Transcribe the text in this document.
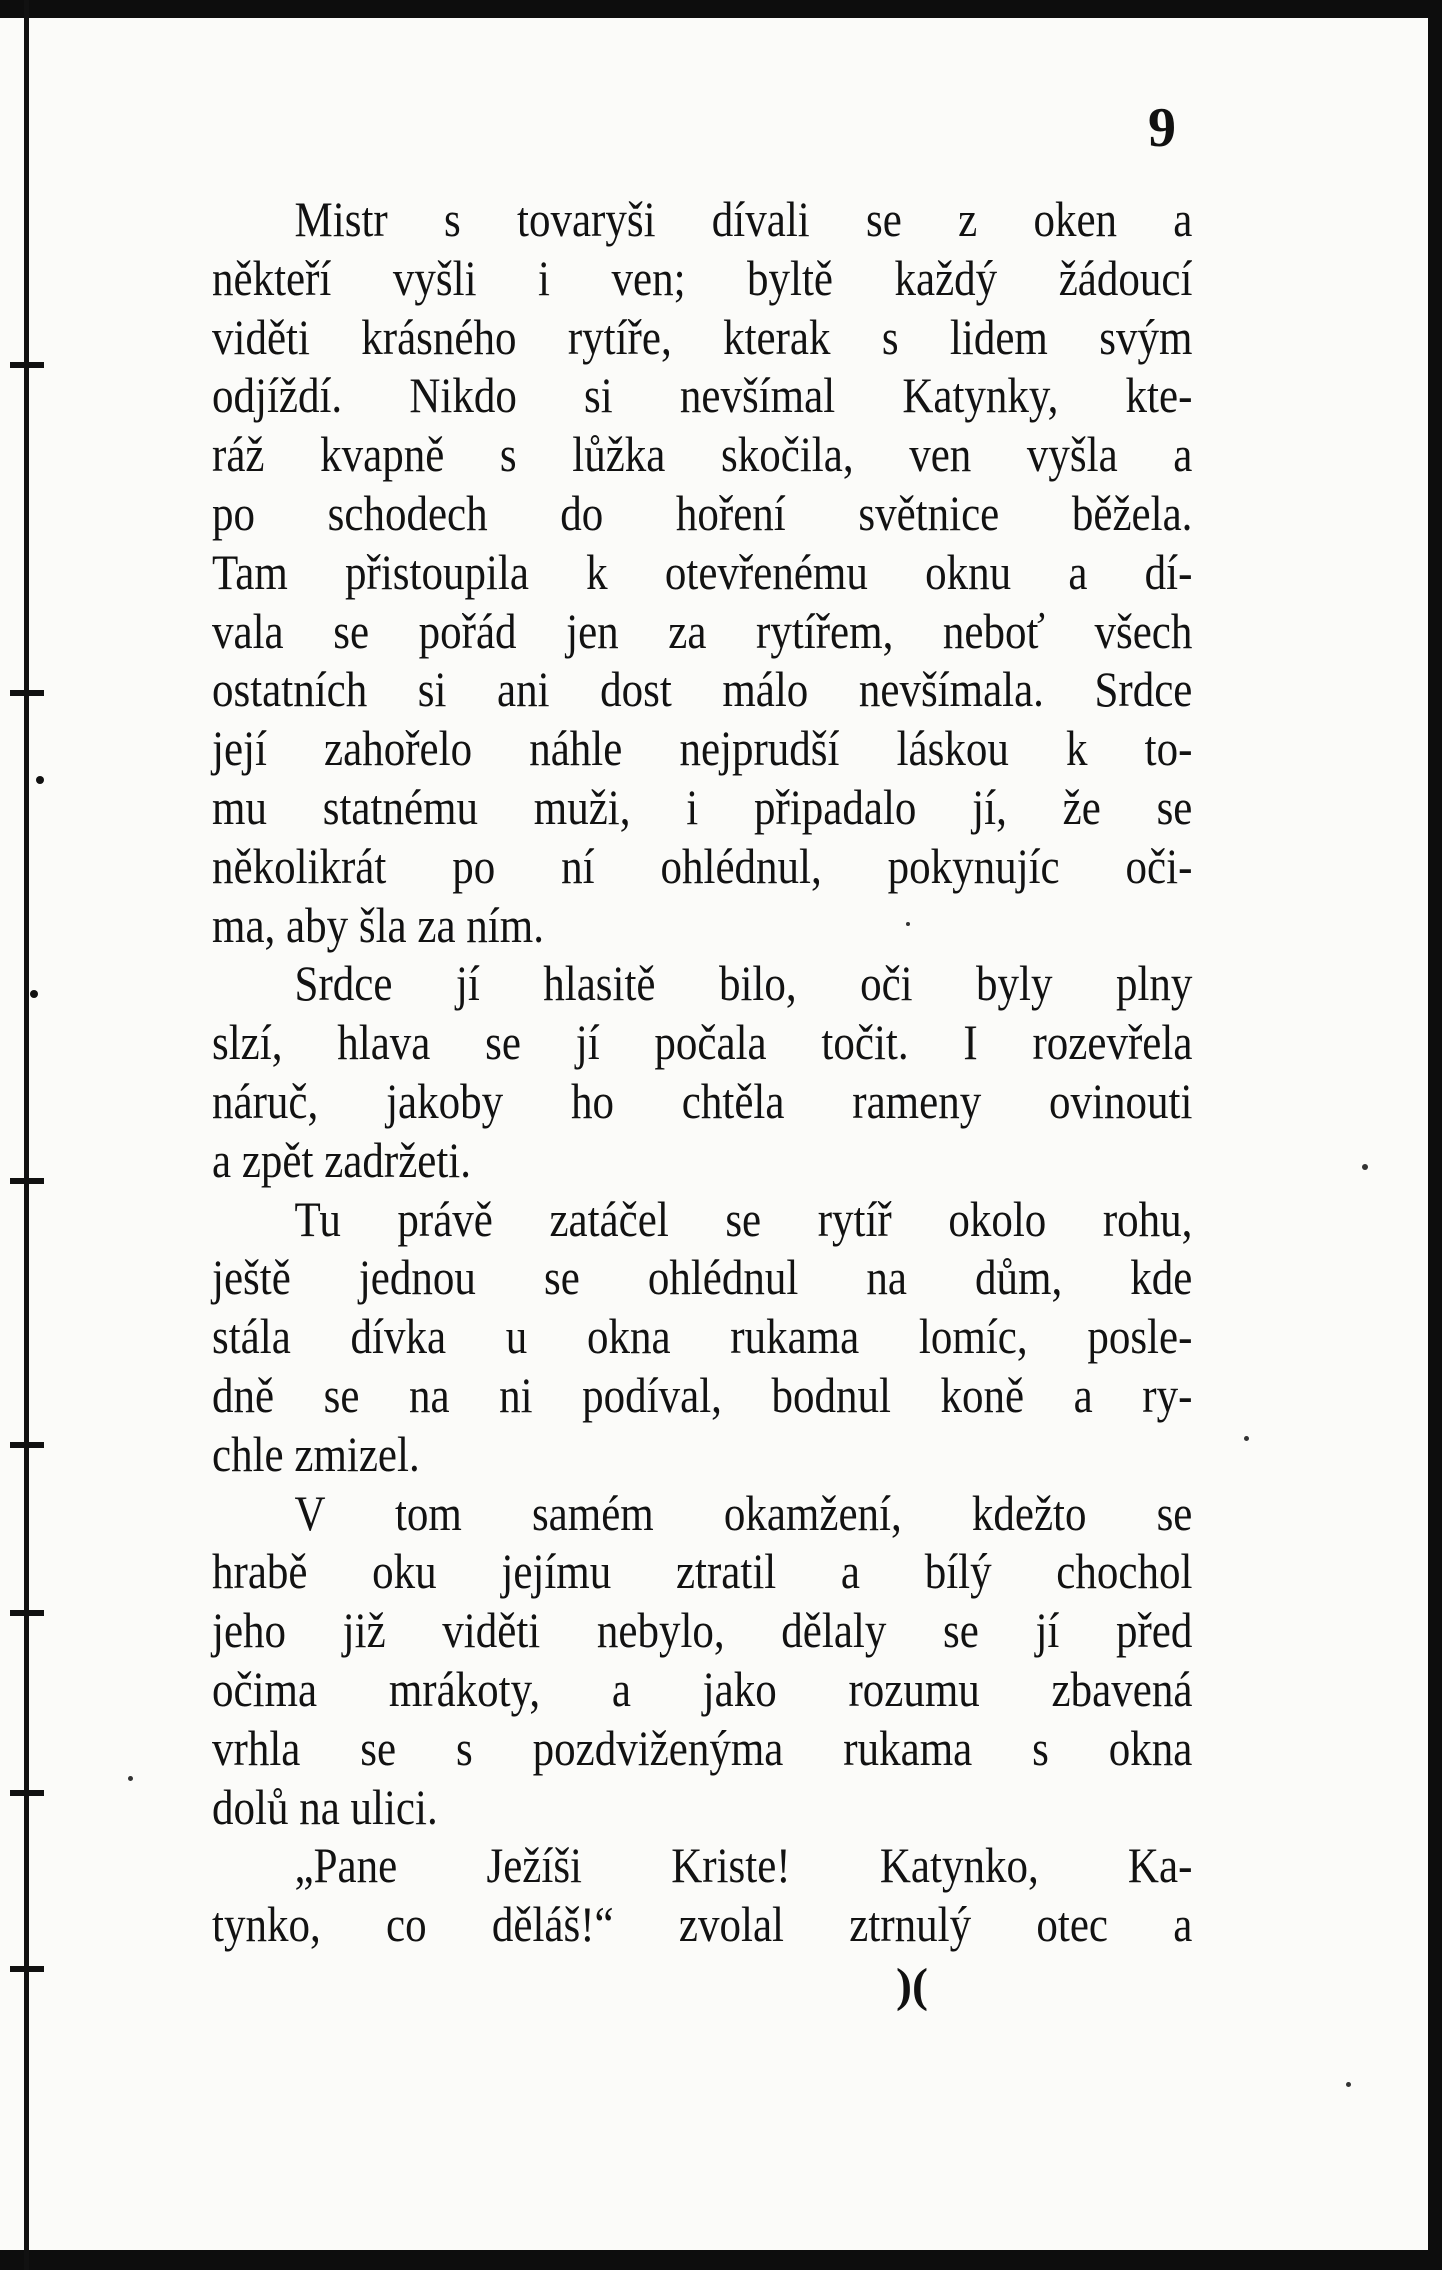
9
Mistr s tovaryši dívali se z oken a
někteří vyšli i ven; byltě každý žádoucí
viděti krásného rytíře, kterak s lidem svým
odjíždí. Nikdo si nevšímal Katynky, kte-
ráž kvapně s lůžka skočila, ven vyšla a
po schodech do hoření světnice běžela.
Tam přistoupila k otevřenému oknu a dí-
vala se pořád jen za rytířem, neboť všech
ostatních si ani dost málo nevšímala. Srdce
její zahořelo náhle nejprudší láskou k to-
mu statnému muži, i připadalo jí, že se
několikrát po ní ohlédnul, pokynujíc oči-
ma, aby šla za ním.
Srdce jí hlasitě bilo, oči byly plny
slzí, hlava se jí počala točit. I rozevřela
náruč, jakoby ho chtěla rameny ovinouti
a zpět zadržeti.
Tu právě zatáčel se rytíř okolo rohu,
ještě jednou se ohlédnul na dům, kde
stála dívka u okna rukama lomíc, posle-
dně se na ni podíval, bodnul koně a ry-
chle zmizel.
V tom samém okamžení, kdežto se
hrabě oku jejímu ztratil a bílý chochol
jeho již viděti nebylo, dělaly se jí před
očima mrákoty, a jako rozumu zbavená
vrhla se s pozdviženýma rukama s okna
dolů na ulici.
„Pane Ježíši Kriste! Katynko, Ka-
tynko, co děláš!“ zvolal ztrnulý otec a
)(
